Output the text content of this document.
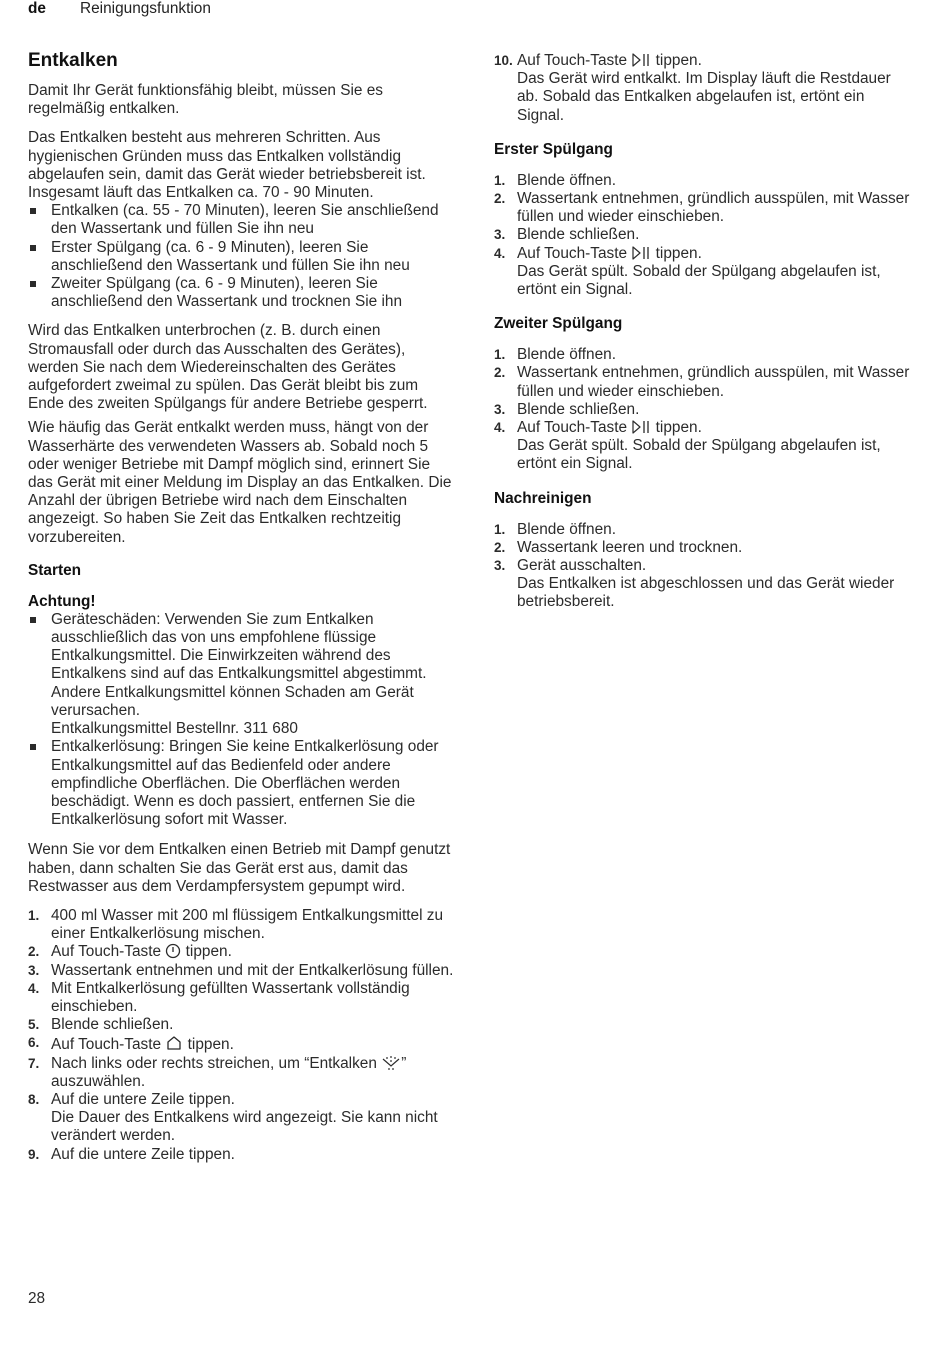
de Reinigungsfunktion
Entkalken

Damit Ihr Gerät funktionsfähig bleibt, müssen Sie es regelmäßig entkalken.

Das Entkalken besteht aus mehreren Schritten. Aus hygienischen Gründen muss das Entkalken vollständig abgelaufen sein, damit das Gerät wieder betriebsbereit ist. Insgesamt läuft das Entkalken ca. 70 - 90 Minuten.

Entkalken (ca. 55 - 70 Minuten), leeren Sie anschließend den Wassertank und füllen Sie ihn neu
Erster Spülgang (ca. 6 - 9 Minuten), leeren Sie anschließend den Wassertank und füllen Sie ihn neu
Zweiter Spülgang (ca. 6 - 9 Minuten), leeren Sie anschließend den Wassertank und trocknen Sie ihn

Wird das Entkalken unterbrochen (z. B. durch einen Stromausfall oder durch das Ausschalten des Gerätes), werden Sie nach dem Wiedereinschalten des Gerätes aufgefordert zweimal zu spülen. Das Gerät bleibt bis zum Ende des zweiten Spülgangs für andere Betriebe gesperrt.

Wie häufig das Gerät entkalkt werden muss, hängt von der Wasserhärte des verwendeten Wassers ab. Sobald noch 5 oder weniger Betriebe mit Dampf möglich sind, erinnert Sie das Gerät mit einer Meldung im Display an das Entkalken. Die Anzahl der übrigen Betriebe wird nach dem Einschalten angezeigt. So haben Sie Zeit das Entkalken rechtzeitig vorzubereiten.

Starten
Achtung!
Geräteschäden: Verwenden Sie zum Entkalken ausschließlich das von uns empfohlene flüssige Entkalkungsmittel. Die Einwirkzeiten während des Entkalkens sind auf das Entkalkungsmittel abgestimmt. Andere Entkalkungsmittel können Schaden am Gerät verursachen.
Entkalkungsmittel Bestellnr. 311 680
Entkalkerlösung: Bringen Sie keine Entkalkerlösung oder Entkalkungsmittel auf das Bedienfeld oder andere empfindliche Oberflächen. Die Oberflächen werden beschädigt. Wenn es doch passiert, entfernen Sie die Entkalkerlösung sofort mit Wasser.

Wenn Sie vor dem Entkalken einen Betrieb mit Dampf genutzt haben, dann schalten Sie das Gerät erst aus, damit das Restwasser aus dem Verdampfersystem gepumpt wird.

1. 400 ml Wasser mit 200 ml flüssigem Entkalkungsmittel zu einer Entkalkerlösung mischen.
2. Auf Touch-Taste  tippen.
3. Wassertank entnehmen und mit der Entkalkerlösung füllen.
4. Mit Entkalkerlösung gefüllten Wassertank vollständig einschieben.
5. Blende schließen.
6. Auf Touch-Taste  tippen.
7. Nach links oder rechts streichen, um “Entkalken ” auszuwählen.
8. Auf die untere Zeile tippen.
Die Dauer des Entkalkens wird angezeigt. Sie kann nicht verändert werden.
9. Auf die untere Zeile tippen.
10. Auf Touch-Taste  tippen.
Das Gerät wird entkalkt. Im Display läuft die Restdauer ab. Sobald das Entkalken abgelaufen ist, ertönt ein Signal.
Erster Spülgang
1. Blende öffnen.
2. Wassertank entnehmen, gründlich ausspülen, mit Wasser füllen und wieder einschieben.
3. Blende schließen.
4. Auf Touch-Taste  tippen.
Das Gerät spült. Sobald der Spülgang abgelaufen ist, ertönt ein Signal.
Zweiter Spülgang
1. Blende öffnen.
2. Wassertank entnehmen, gründlich ausspülen, mit Wasser füllen und wieder einschieben.
3. Blende schließen.
4. Auf Touch-Taste  tippen.
Das Gerät spült. Sobald der Spülgang abgelaufen ist, ertönt ein Signal.
Nachreinigen
1. Blende öffnen.
2. Wassertank leeren und trocknen.
3. Gerät ausschalten.
Das Entkalken ist abgeschlossen und das Gerät wieder betriebsbereit.
28
